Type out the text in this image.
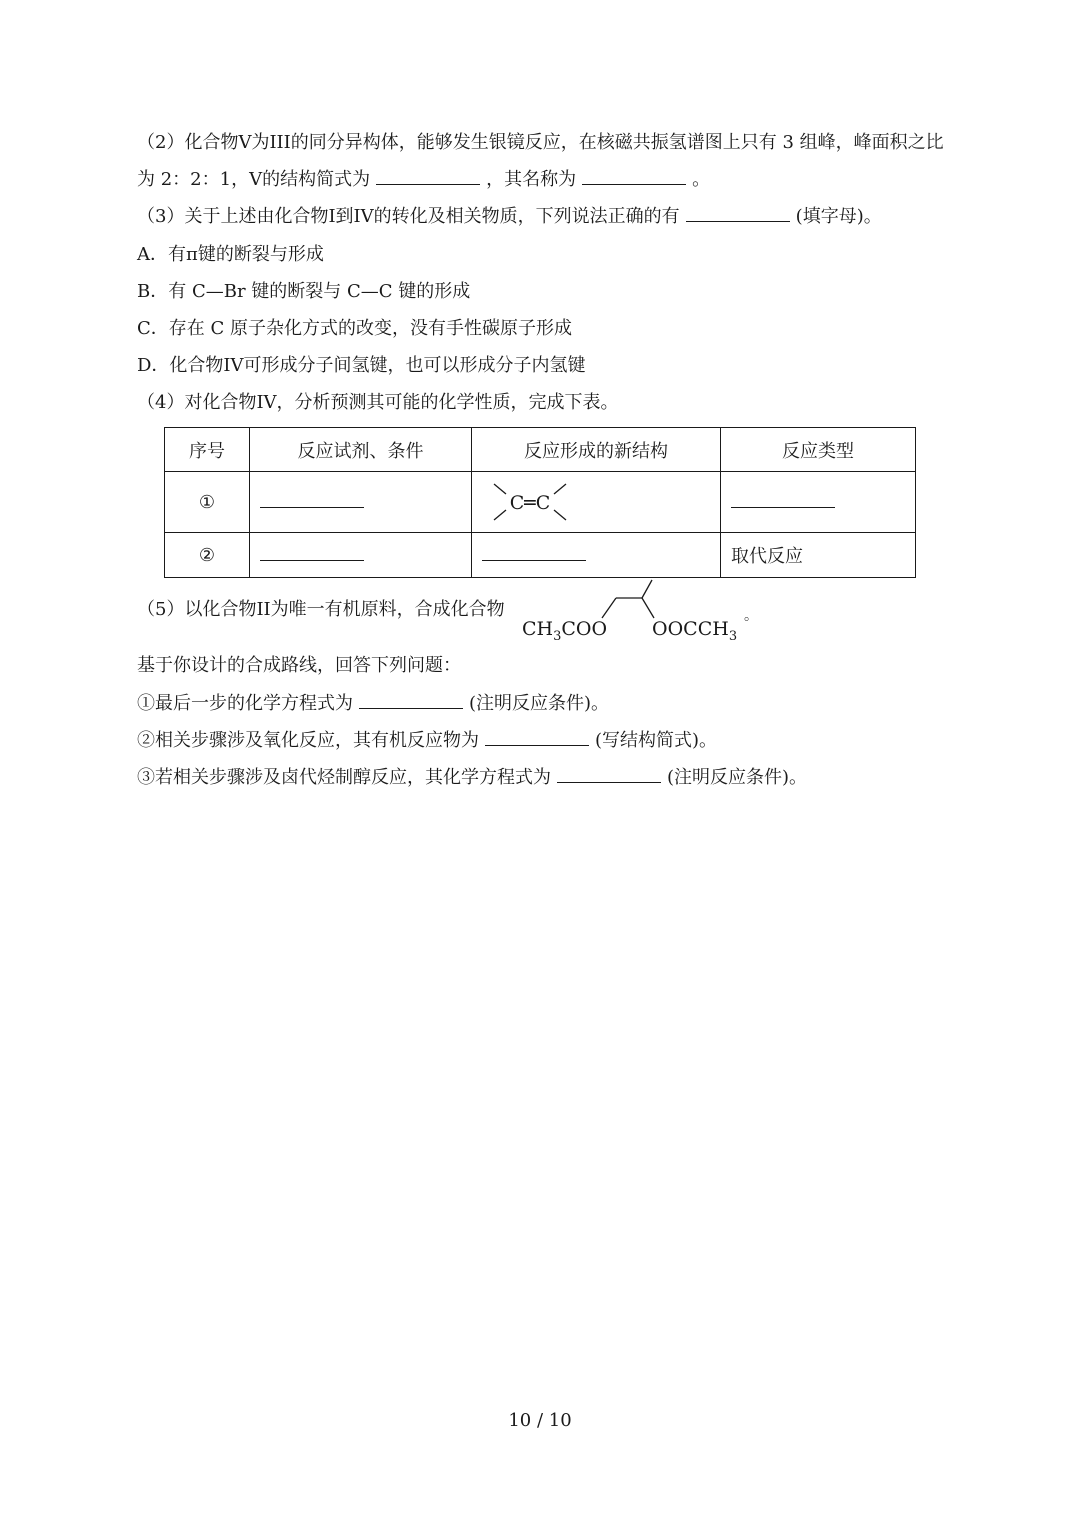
（2）化合物V为III的同分异构体，能够发生银镜反应，在核磁共振氢谱图上只有 3 组峰，峰面积之比
为 2：2：1，V的结构简式为	，其名称为	。
（3）关于上述由化合物I到IV的转化及相关物质，下列说法正确的有	(填字母)。
A．有π键的断裂与形成
B．有 C—Br 键的断裂与 C—C 键的形成
C．存在 C 原子杂化方式的改变，没有手性碳原子形成
D．化合物IV可形成分子间氢键，也可以形成分子内氢键
（4）对化合物IV，分析预测其可能的化学性质，完成下表。
序号	反应试剂、条件	反应形成的新结构	反应类型
①		C═C	

②			取代反应
（5）以化合物II为唯一有机原料，合成化合物
$CH_3COO$ $OOCCH_3$
。
基于你设计的合成路线，回答下列问题：
①最后一步的化学方程式为	(注明反应条件)。
②相关步骤涉及氧化反应，其有机反应物为	(写结构简式)。
③若相关步骤涉及卤代烃制醇反应，其化学方程式为	(注明反应条件)。
10 / 10
